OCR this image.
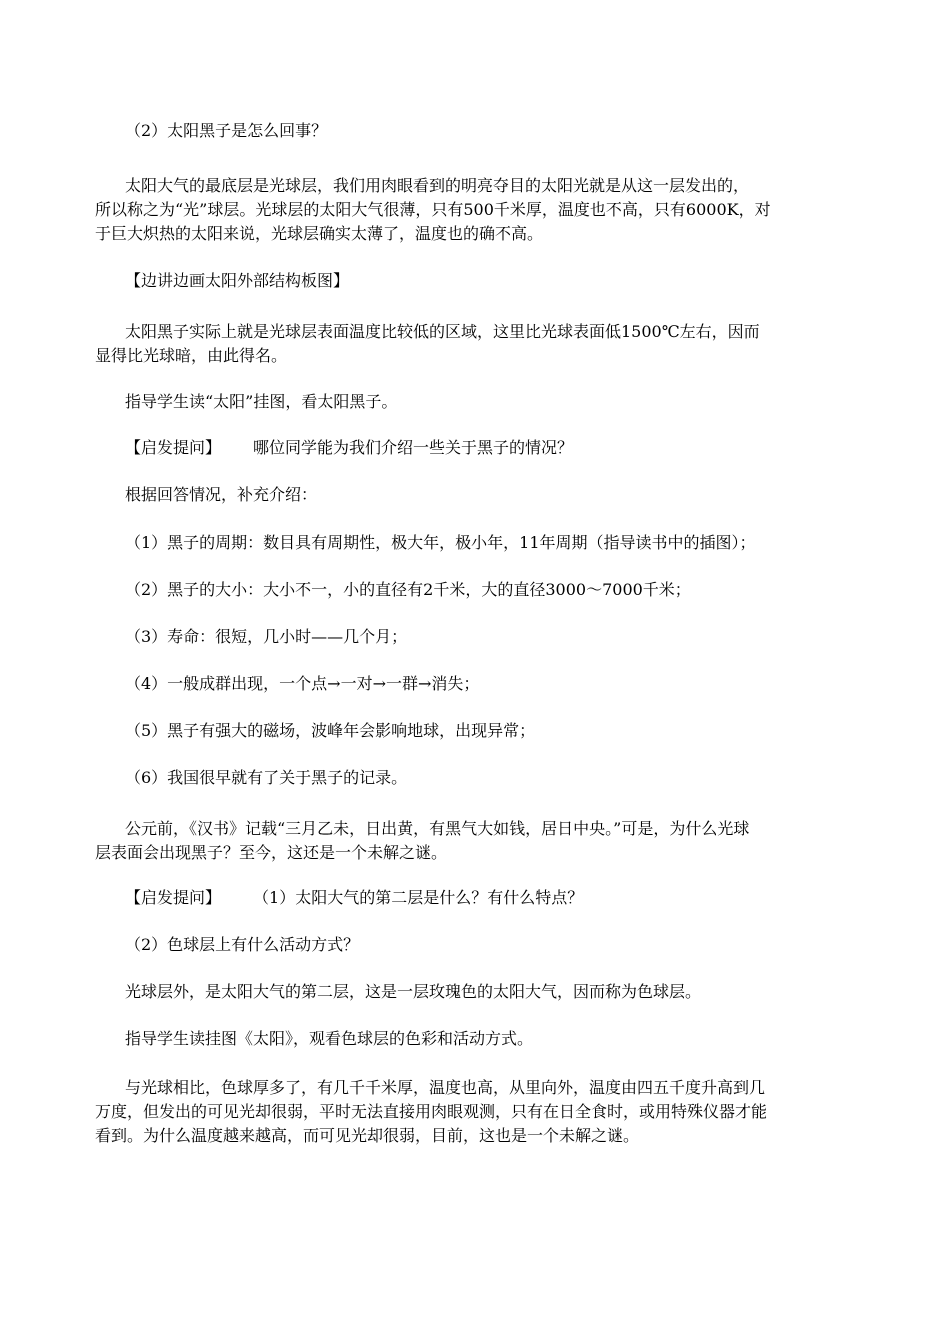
（2）太阳黑子是怎么回事？
太阳大气的最底层是光球层，我们用肉眼看到的明亮夺目的太阳光就是从这一层发出的，
所以称之为“光”球层。光球层的太阳大气很薄，只有500千米厚，温度也不高，只有6000K，对
于巨大炽热的太阳来说，光球层确实太薄了，温度也的确不高。
【边讲边画太阳外部结构板图】
太阳黑子实际上就是光球层表面温度比较低的区域，这里比光球表面低1500℃左右，因而
显得比光球暗，由此得名。
指导学生读“太阳”挂图，看太阳黑子。
【启发提问】 哪位同学能为我们介绍一些关于黑子的情况？
根据回答情况，补充介绍：
（1）黑子的周期：数目具有周期性，极大年，极小年，11年周期（指导读书中的插图）；
（2）黑子的大小：大小不一，小的直径有2千米，大的直径3000～7000千米；
（3）寿命：很短，几小时——几个月；
（4）一般成群出现，一个点→一对→一群→消失；
（5）黑子有强大的磁场，波峰年会影响地球，出现异常；
（6）我国很早就有了关于黑子的记录。
公元前，《汉书》记载“三月乙未，日出黄，有黑气大如钱，居日中央。”可是，为什么光球
层表面会出现黑子？至今，这还是一个未解之谜。
【启发提问】 （1）太阳大气的第二层是什么？有什么特点？
（2）色球层上有什么活动方式？
光球层外，是太阳大气的第二层，这是一层玫瑰色的太阳大气，因而称为色球层。
指导学生读挂图《太阳》，观看色球层的色彩和活动方式。
与光球相比，色球厚多了，有几千千米厚，温度也高，从里向外，温度由四五千度升高到几
万度，但发出的可见光却很弱，平时无法直接用肉眼观测，只有在日全食时，或用特殊仪器才能
看到。为什么温度越来越高，而可见光却很弱，目前，这也是一个未解之谜。
